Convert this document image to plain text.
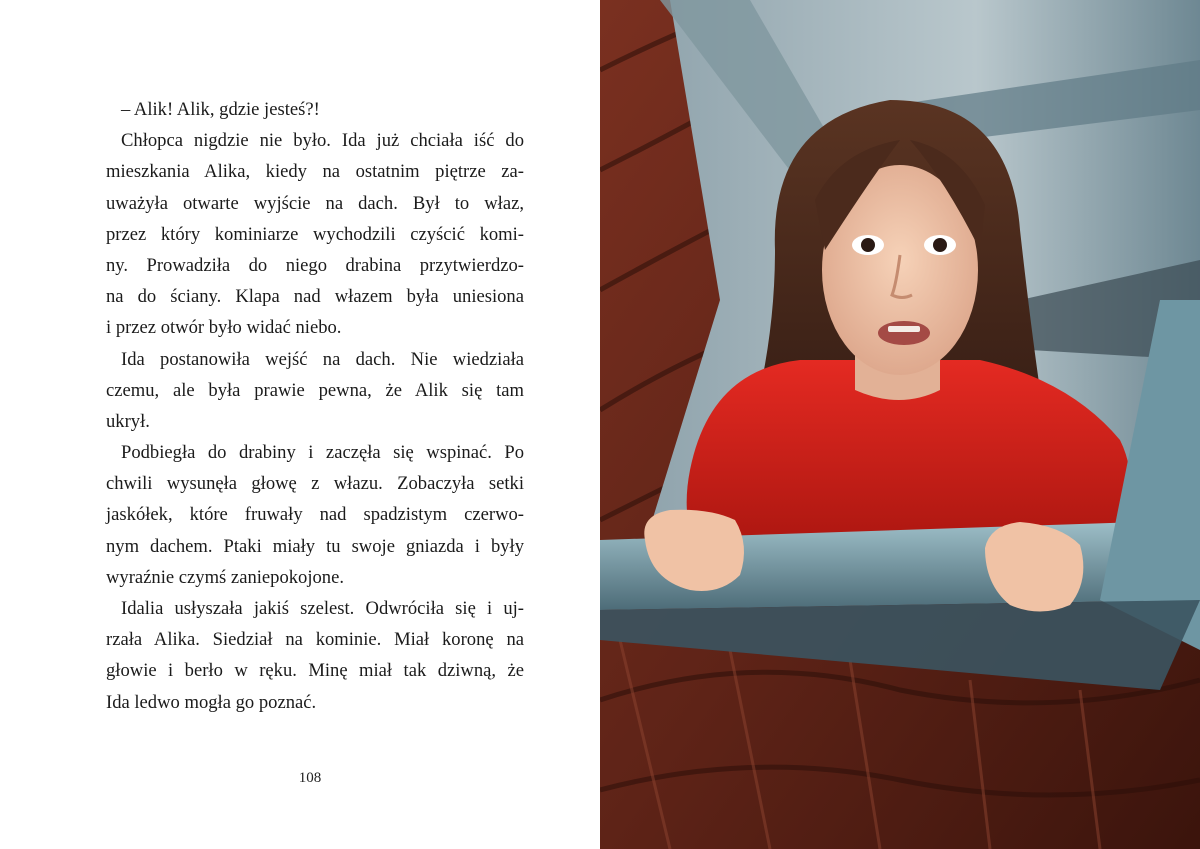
– Alik! Alik, gdzie jesteś?!
Chłopca nigdzie nie było. Ida już chciała iść do
mieszkania Alika, kiedy na ostatnim piętrze za-
uważyła otwarte wyjście na dach. Był to właz,
przez który kominiarze wychodzili czyścić komi-
ny. Prowadziła do niego drabina przytwierdzo-
na do ściany. Klapa nad włazem była uniesiona
i przez otwór było widać niebo.
Ida postanowiła wejść na dach. Nie wiedziała
czemu, ale była prawie pewna, że Alik się tam
ukrył.
Podbiegła do drabiny i zaczęła się wspinać. Po
chwili wysunęła głowę z włazu. Zobaczyła setki
jaskółek, które fruwały nad spadzistym czerwo-
nym dachem. Ptaki miały tu swoje gniazda i były
wyraźnie czymś zaniepokojone.
Idalia usłyszała jakiś szelest. Odwróciła się i uj-
rzała Alika. Siedział na kominie. Miał koronę na
głowie i berło w ręku. Minę miał tak dziwną, że
Ida ledwo mogła go poznać.
108
